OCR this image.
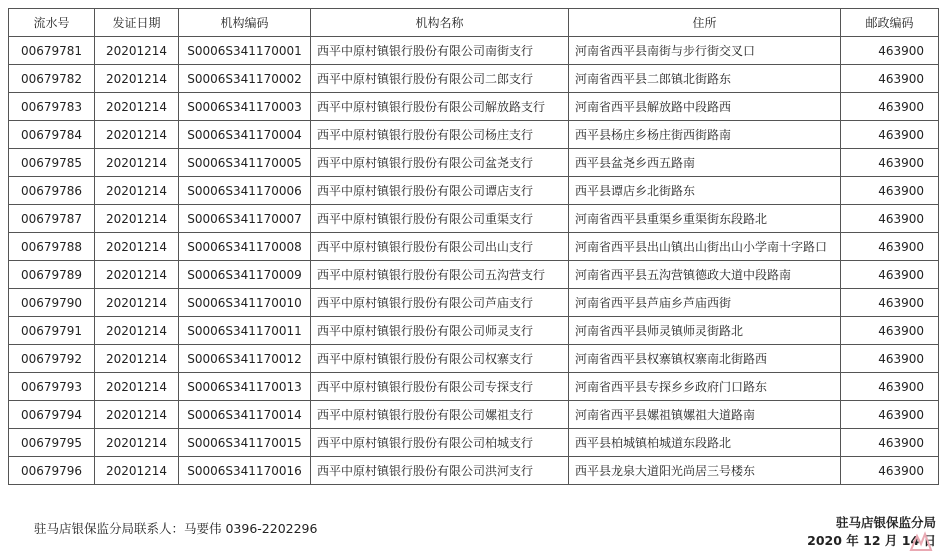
流水号	发证日期	机构编码	机构名称	住所	邮政编码
00679781	20201214	S0006S341170001	西平中原村镇银行股份有限公司南街支行	河南省西平县南街与步行街交叉口	463900
00679782	20201214	S0006S341170002	西平中原村镇银行股份有限公司二郎支行	河南省西平县二郎镇北街路东	463900
00679783	20201214	S0006S341170003	西平中原村镇银行股份有限公司解放路支行	河南省西平县解放路中段路西	463900
00679784	20201214	S0006S341170004	西平中原村镇银行股份有限公司杨庄支行	西平县杨庄乡杨庄街西街路南	463900
00679785	20201214	S0006S341170005	西平中原村镇银行股份有限公司盆尧支行	西平县盆尧乡西五路南	463900
00679786	20201214	S0006S341170006	西平中原村镇银行股份有限公司谭店支行	西平县谭店乡北街路东	463900
00679787	20201214	S0006S341170007	西平中原村镇银行股份有限公司重渠支行	河南省西平县重渠乡重渠街东段路北	463900
00679788	20201214	S0006S341170008	西平中原村镇银行股份有限公司出山支行	河南省西平县出山镇出山街出山小学南十字路口	463900
00679789	20201214	S0006S341170009	西平中原村镇银行股份有限公司五沟营支行	河南省西平县五沟营镇德政大道中段路南	463900
00679790	20201214	S0006S341170010	西平中原村镇银行股份有限公司芦庙支行	河南省西平县芦庙乡芦庙西街	463900
00679791	20201214	S0006S341170011	西平中原村镇银行股份有限公司师灵支行	河南省西平县师灵镇师灵街路北	463900
00679792	20201214	S0006S341170012	西平中原村镇银行股份有限公司权寨支行	河南省西平县权寨镇权寨南北街路西	463900
00679793	20201214	S0006S341170013	西平中原村镇银行股份有限公司专探支行	河南省西平县专探乡乡政府门口路东	463900
00679794	20201214	S0006S341170014	西平中原村镇银行股份有限公司嫘祖支行	河南省西平县嫘祖镇嫘祖大道路南	463900
00679795	20201214	S0006S341170015	西平中原村镇银行股份有限公司柏城支行	西平县柏城镇柏城道东段路北	463900
00679796	20201214	S0006S341170016	西平中原村镇银行股份有限公司洪河支行	西平县龙泉大道阳光尚居三号楼东	463900
驻马店银保监分局联系人：马要伟 0396-2202296	驻马店银保监分局
2020 年 12 月 14 日
